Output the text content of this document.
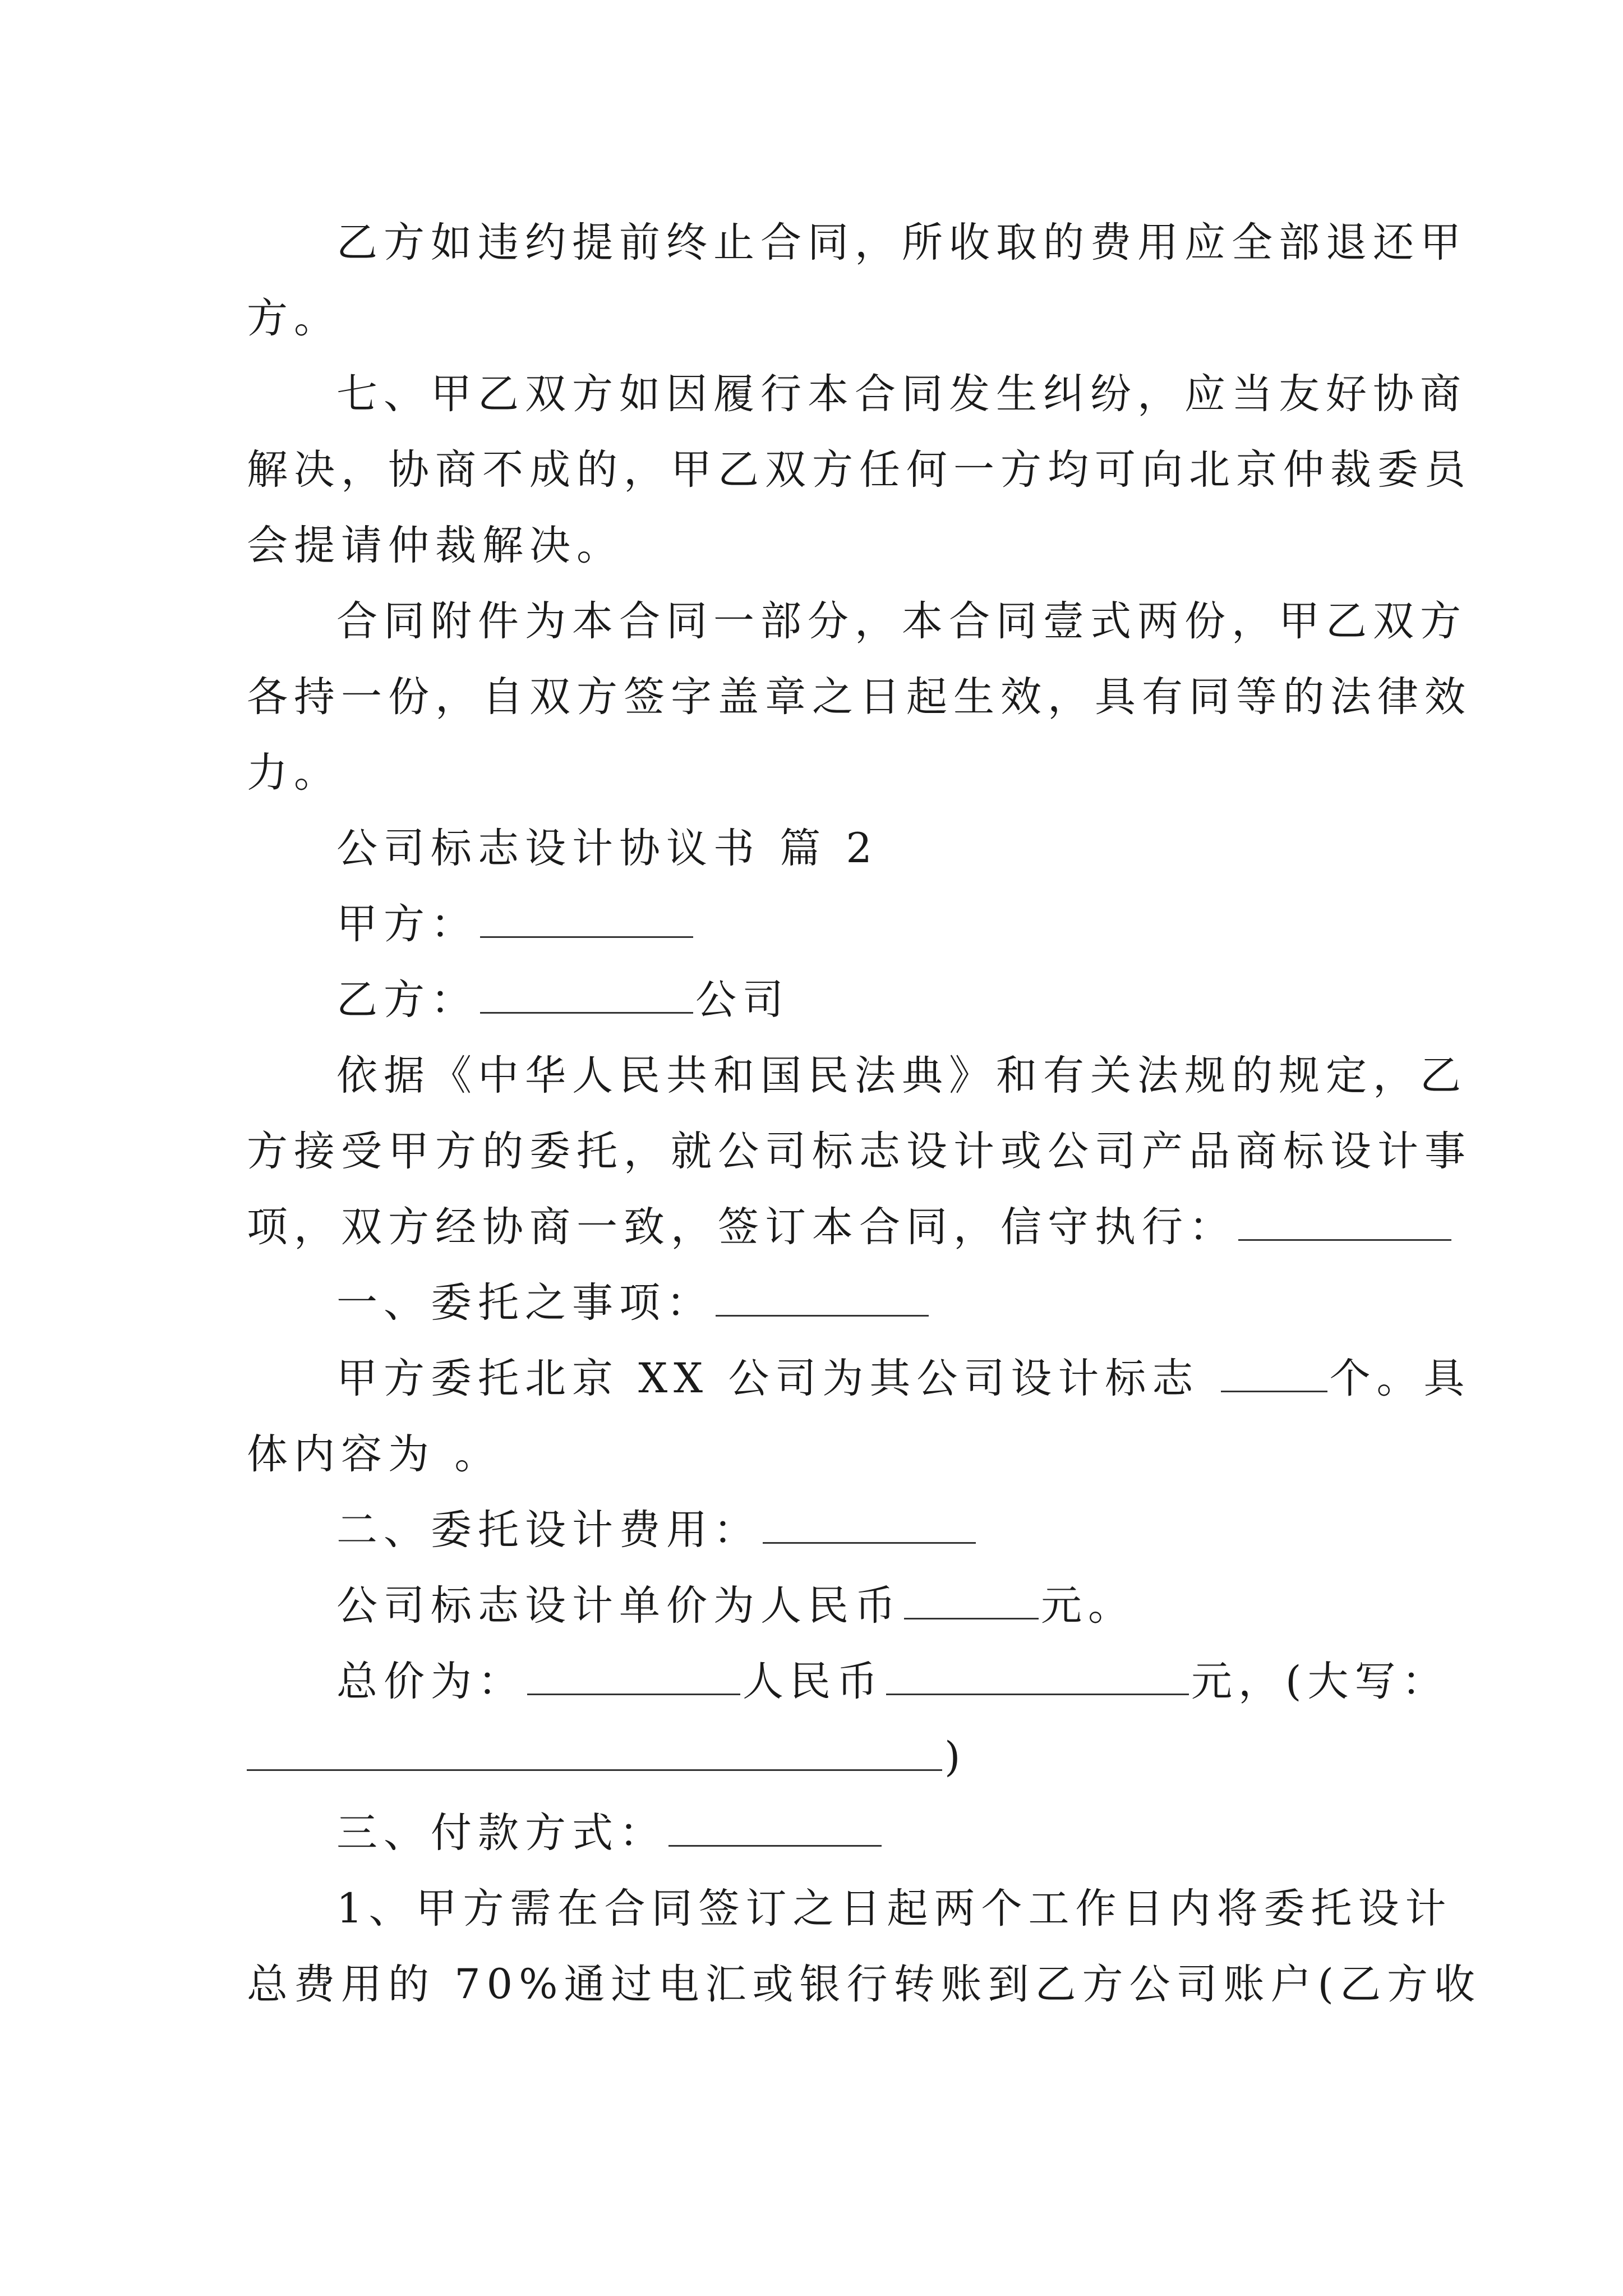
乙方如违约提前终止合同，所收取的费用应全部退还甲
方。
七、甲乙双方如因履行本合同发生纠纷，应当友好协商
解决，协商不成的，甲乙双方任何一方均可向北京仲裁委员
会提请仲裁解决。
合同附件为本合同一部分，本合同壹式两份，甲乙双方
各持一份，自双方签字盖章之日起生效，具有同等的法律效
力。
公司标志设计协议书 篇 2
甲方：
乙方：	公司
依据《中华人民共和国民法典》和有关法规的规定，乙
方接受甲方的委托，就公司标志设计或公司产品商标设计事
项，双方经协商一致，签订本合同，信守执行：
一、委托之事项：
甲方委托北京 XX 公司为其公司设计标志	个。具
体内容为 。
二、委托设计费用：
公司标志设计单价为人民币	元。
总价为：	人民币	元，(大写：
)
三、付款方式：
1、甲方需在合同签订之日起两个工作日内将委托设计
总费用的 70%通过电汇或银行转账到乙方公司账户(乙方收
